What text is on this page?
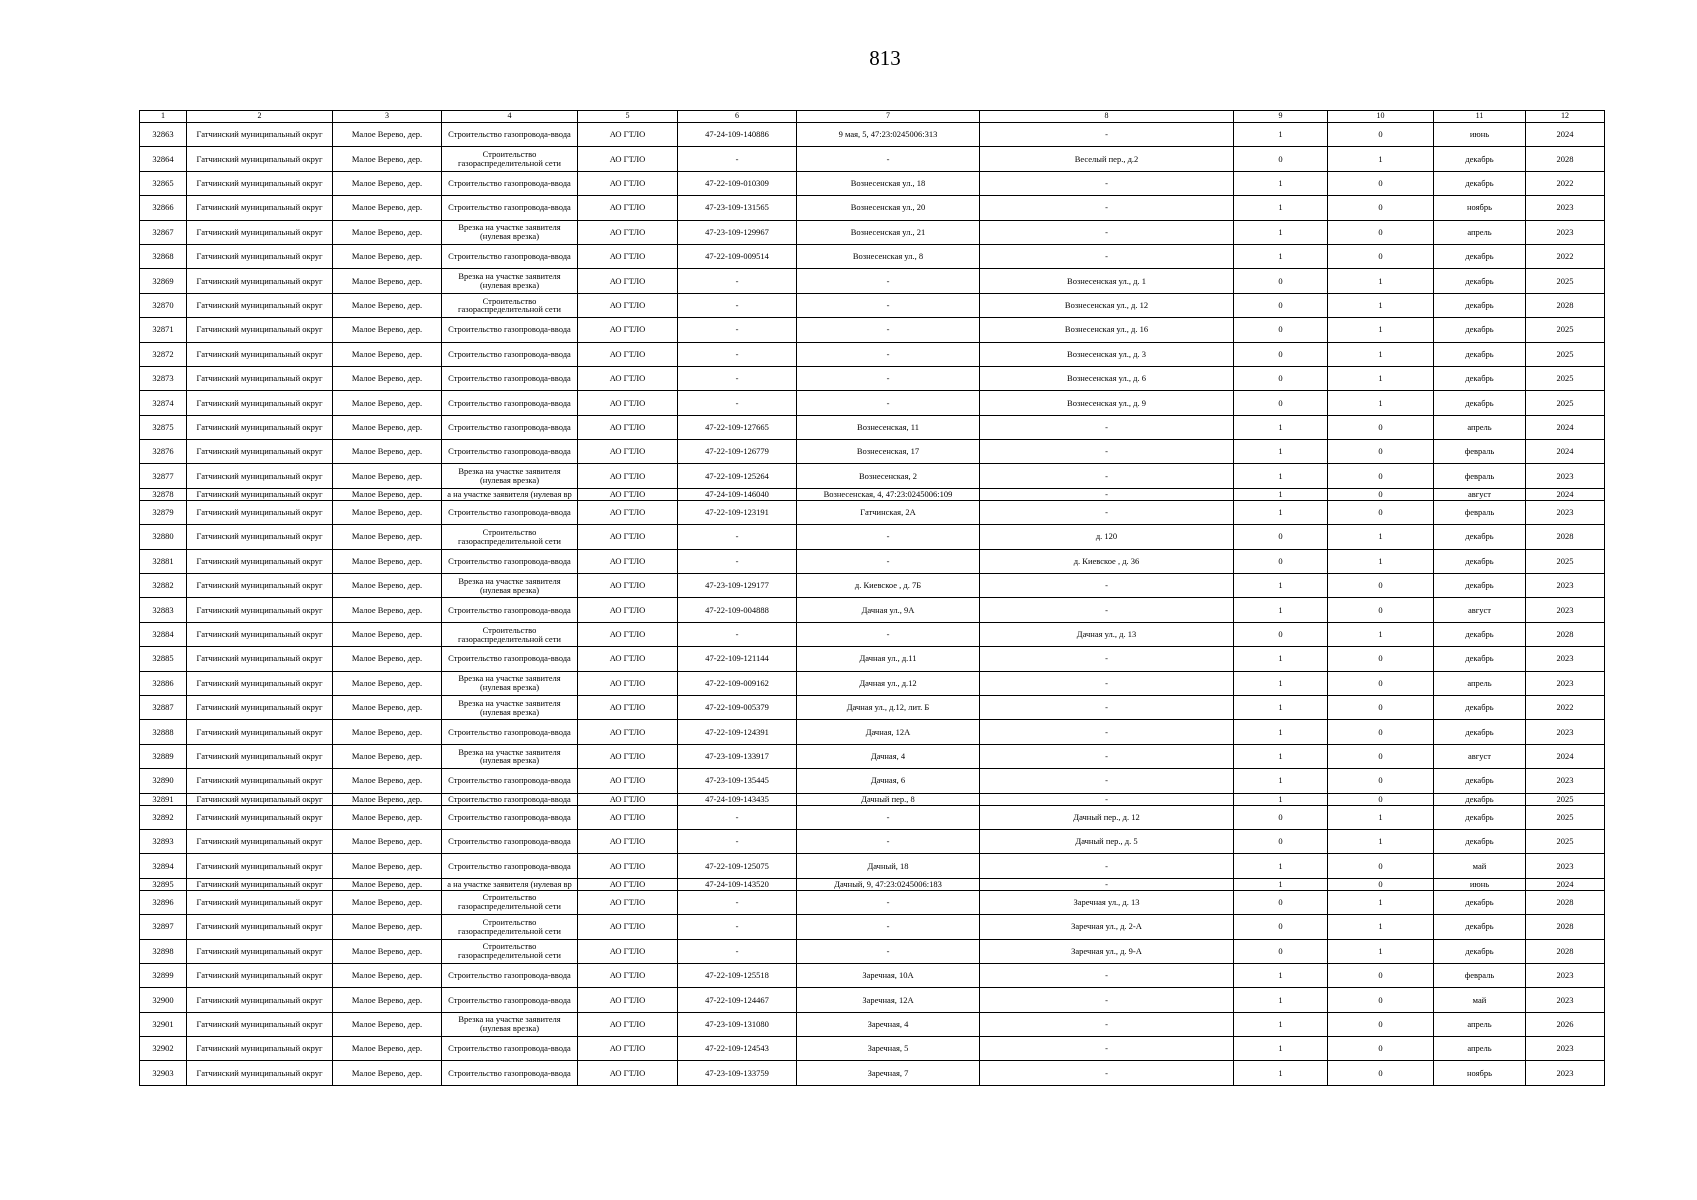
813
1	2	3	4	5	6	7	8	9	10	11	12
32863	Гатчинский муниципальный округ	Малое Верево, дер.	Строительство газопровода-ввода	АО ГТЛО	47-24-109-140886	9 мая, 5, 47:23:0245006:313	-	1	0	июнь	2024
32864	Гатчинский муниципальный округ	Малое Верево, дер.	Строительство газораспределительной сети	АО ГТЛО	-	-	Веселый пер., д.2	0	1	декабрь	2028
32865	Гатчинский муниципальный округ	Малое Верево, дер.	Строительство газопровода-ввода	АО ГТЛО	47-22-109-010309	Вознесенская ул., 18	-	1	0	декабрь	2022
32866	Гатчинский муниципальный округ	Малое Верево, дер.	Строительство газопровода-ввода	АО ГТЛО	47-23-109-131565	Вознесенская ул., 20	-	1	0	ноябрь	2023
32867	Гатчинский муниципальный округ	Малое Верево, дер.	Врезка на участке заявителя (нулевая врезка)	АО ГТЛО	47-23-109-129967	Вознесенская ул., 21	-	1	0	апрель	2023
32868	Гатчинский муниципальный округ	Малое Верево, дер.	Строительство газопровода-ввода	АО ГТЛО	47-22-109-009514	Вознесенская ул., 8	-	1	0	декабрь	2022
32869	Гатчинский муниципальный округ	Малое Верево, дер.	Врезка на участке заявителя (нулевая врезка)	АО ГТЛО	-	-	Вознесенская ул., д. 1	0	1	декабрь	2025
32870	Гатчинский муниципальный округ	Малое Верево, дер.	Строительство газораспределительной сети	АО ГТЛО	-	-	Вознесенская ул., д. 12	0	1	декабрь	2028
32871	Гатчинский муниципальный округ	Малое Верево, дер.	Строительство газопровода-ввода	АО ГТЛО	-	-	Вознесенская ул., д. 16	0	1	декабрь	2025
32872	Гатчинский муниципальный округ	Малое Верево, дер.	Строительство газопровода-ввода	АО ГТЛО	-	-	Вознесенская ул., д. 3	0	1	декабрь	2025
32873	Гатчинский муниципальный округ	Малое Верево, дер.	Строительство газопровода-ввода	АО ГТЛО	-	-	Вознесенская ул., д. 6	0	1	декабрь	2025
32874	Гатчинский муниципальный округ	Малое Верево, дер.	Строительство газопровода-ввода	АО ГТЛО	-	-	Вознесенская ул., д. 9	0	1	декабрь	2025
32875	Гатчинский муниципальный округ	Малое Верево, дер.	Строительство газопровода-ввода	АО ГТЛО	47-22-109-127665	Вознесенская, 11	-	1	0	апрель	2024
32876	Гатчинский муниципальный округ	Малое Верево, дер.	Строительство газопровода-ввода	АО ГТЛО	47-22-109-126779	Вознесенская, 17	-	1	0	февраль	2024
32877	Гатчинский муниципальный округ	Малое Верево, дер.	Врезка на участке заявителя (нулевая врезка)	АО ГТЛО	47-22-109-125264	Вознесенская, 2	-	1	0	февраль	2023
32878	Гатчинский муниципальный округ	Малое Верево, дер.	а на участке заявителя (нулевая вр	АО ГТЛО	47-24-109-146040	Вознесенская, 4, 47:23:0245006:109	-	1	0	август	2024
32879	Гатчинский муниципальный округ	Малое Верево, дер.	Строительство газопровода-ввода	АО ГТЛО	47-22-109-123191	Гатчинская, 2А	-	1	0	февраль	2023
32880	Гатчинский муниципальный округ	Малое Верево, дер.	Строительство газораспределительной сети	АО ГТЛО	-	-	д. 120	0	1	декабрь	2028
32881	Гатчинский муниципальный округ	Малое Верево, дер.	Строительство газопровода-ввода	АО ГТЛО	-	-	д. Киевское , д. 36	0	1	декабрь	2025
32882	Гатчинский муниципальный округ	Малое Верево, дер.	Врезка на участке заявителя (нулевая врезка)	АО ГТЛО	47-23-109-129177	д. Киевское , д. 7Б	-	1	0	декабрь	2023
32883	Гатчинский муниципальный округ	Малое Верево, дер.	Строительство газопровода-ввода	АО ГТЛО	47-22-109-004888	Дачная ул., 9А	-	1	0	август	2023
32884	Гатчинский муниципальный округ	Малое Верево, дер.	Строительство газораспределительной сети	АО ГТЛО	-	-	Дачная ул., д. 13	0	1	декабрь	2028
32885	Гатчинский муниципальный округ	Малое Верево, дер.	Строительство газопровода-ввода	АО ГТЛО	47-22-109-121144	Дачная ул., д.11	-	1	0	декабрь	2023
32886	Гатчинский муниципальный округ	Малое Верево, дер.	Врезка на участке заявителя (нулевая врезка)	АО ГТЛО	47-22-109-009162	Дачная ул., д.12	-	1	0	апрель	2023
32887	Гатчинский муниципальный округ	Малое Верево, дер.	Врезка на участке заявителя (нулевая врезка)	АО ГТЛО	47-22-109-005379	Дачная ул., д.12, лит. Б	-	1	0	декабрь	2022
32888	Гатчинский муниципальный округ	Малое Верево, дер.	Строительство газопровода-ввода	АО ГТЛО	47-22-109-124391	Дачная, 12А	-	1	0	декабрь	2023
32889	Гатчинский муниципальный округ	Малое Верево, дер.	Врезка на участке заявителя (нулевая врезка)	АО ГТЛО	47-23-109-133917	Дачная, 4	-	1	0	август	2024
32890	Гатчинский муниципальный округ	Малое Верево, дер.	Строительство газопровода-ввода	АО ГТЛО	47-23-109-135445	Дачная, 6	-	1	0	декабрь	2023
32891	Гатчинский муниципальный округ	Малое Верево, дер.	Строительство газопровода-ввода	АО ГТЛО	47-24-109-143435	Дачный пер., 8	-	1	0	декабрь	2025
32892	Гатчинский муниципальный округ	Малое Верево, дер.	Строительство газопровода-ввода	АО ГТЛО	-	-	Дачный пер., д. 12	0	1	декабрь	2025
32893	Гатчинский муниципальный округ	Малое Верево, дер.	Строительство газопровода-ввода	АО ГТЛО	-	-	Дачный пер., д. 5	0	1	декабрь	2025
32894	Гатчинский муниципальный округ	Малое Верево, дер.	Строительство газопровода-ввода	АО ГТЛО	47-22-109-125075	Дачный, 18	-	1	0	май	2023
32895	Гатчинский муниципальный округ	Малое Верево, дер.	а на участке заявителя (нулевая вр	АО ГТЛО	47-24-109-143520	Дачный, 9, 47:23:0245006:183	-	1	0	июнь	2024
32896	Гатчинский муниципальный округ	Малое Верево, дер.	Строительство газораспределительной сети	АО ГТЛО	-	-	Заречная ул., д. 13	0	1	декабрь	2028
32897	Гатчинский муниципальный округ	Малое Верево, дер.	Строительство газораспределительной сети	АО ГТЛО	-	-	Заречная ул., д. 2-А	0	1	декабрь	2028
32898	Гатчинский муниципальный округ	Малое Верево, дер.	Строительство газораспределительной сети	АО ГТЛО	-	-	Заречная ул., д. 9-А	0	1	декабрь	2028
32899	Гатчинский муниципальный округ	Малое Верево, дер.	Строительство газопровода-ввода	АО ГТЛО	47-22-109-125518	Заречная, 10А	-	1	0	февраль	2023
32900	Гатчинский муниципальный округ	Малое Верево, дер.	Строительство газопровода-ввода	АО ГТЛО	47-22-109-124467	Заречная, 12А	-	1	0	май	2023
32901	Гатчинский муниципальный округ	Малое Верево, дер.	Врезка на участке заявителя (нулевая врезка)	АО ГТЛО	47-23-109-131080	Заречная, 4	-	1	0	апрель	2026
32902	Гатчинский муниципальный округ	Малое Верево, дер.	Строительство газопровода-ввода	АО ГТЛО	47-22-109-124543	Заречная, 5	-	1	0	апрель	2023
32903	Гатчинский муниципальный округ	Малое Верево, дер.	Строительство газопровода-ввода	АО ГТЛО	47-23-109-133759	Заречная, 7	-	1	0	ноябрь	2023
